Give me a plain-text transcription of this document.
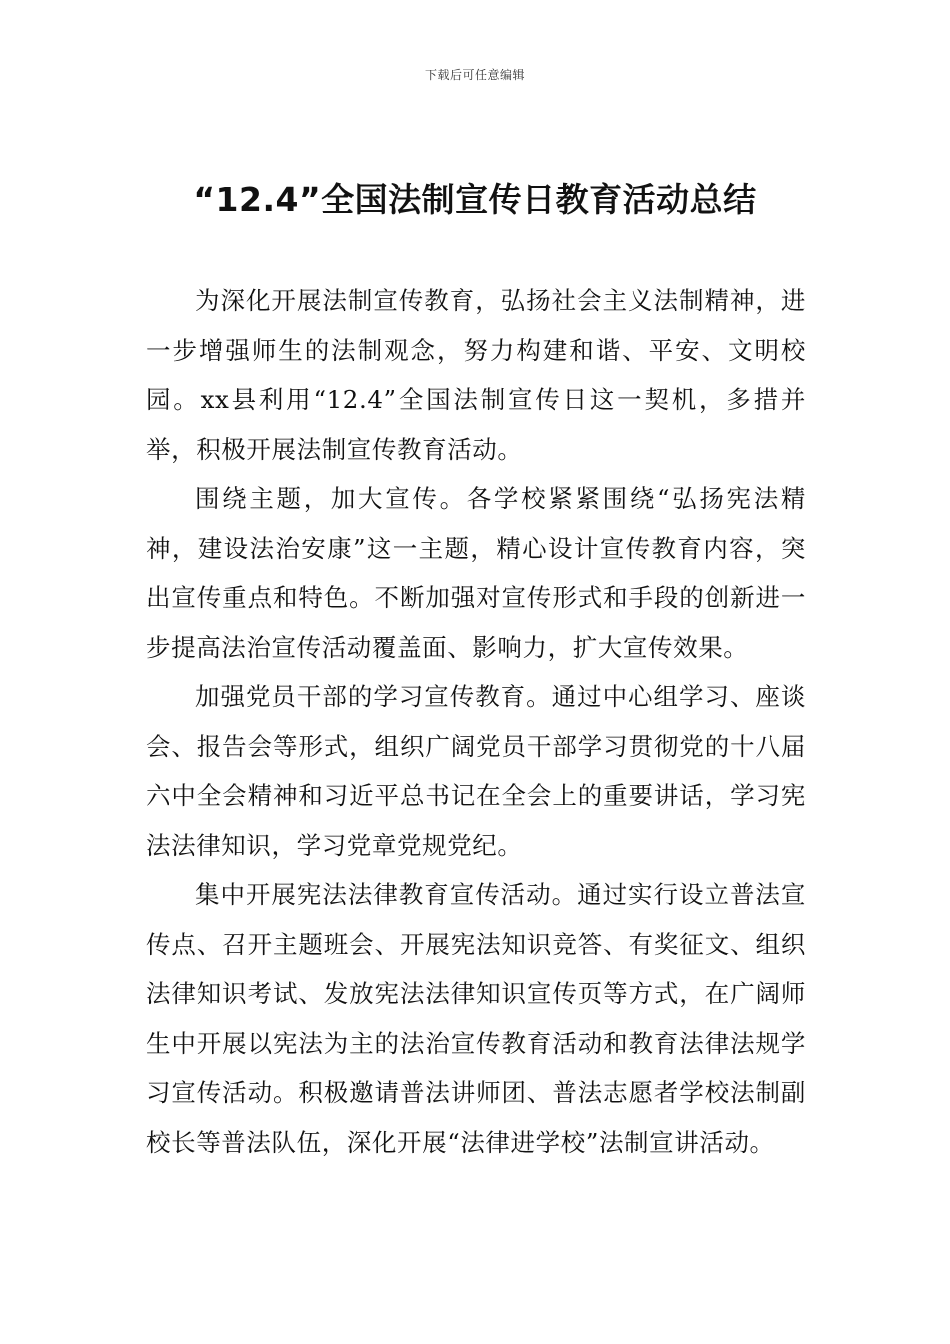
下载后可任意编辑
“12.4”全国法制宣传日教育活动总结

为深化开展法制宣传教育，弘扬社会主义法制精神，进一步增强师生的法制观念，努力构建和谐、平安、文明校园。xx县利用“12.4”全国法制宣传日这一契机，多措并举，积极开展法制宣传教育活动。

围绕主题，加大宣传。各学校紧紧围绕“弘扬宪法精神，建设法治安康”这一主题，精心设计宣传教育内容，突出宣传重点和特色。不断加强对宣传形式和手段的创新进一步提高法治宣传活动覆盖面、影响力，扩大宣传效果。

加强党员干部的学习宣传教育。通过中心组学习、座谈会、报告会等形式，组织广阔党员干部学习贯彻党的十八届六中全会精神和习近平总书记在全会上的重要讲话，学习宪法法律知识，学习党章党规党纪。

集中开展宪法法律教育宣传活动。通过实行设立普法宣传点、召开主题班会、开展宪法知识竞答、有奖征文、组织法律知识考试、发放宪法法律知识宣传页等方式，在广阔师生中开展以宪法为主的法治宣传教育活动和教育法律法规学习宣传活动。积极邀请普法讲师团、普法志愿者学校法制副校长等普法队伍，深化开展“法律进学校”法制宣讲活动。
